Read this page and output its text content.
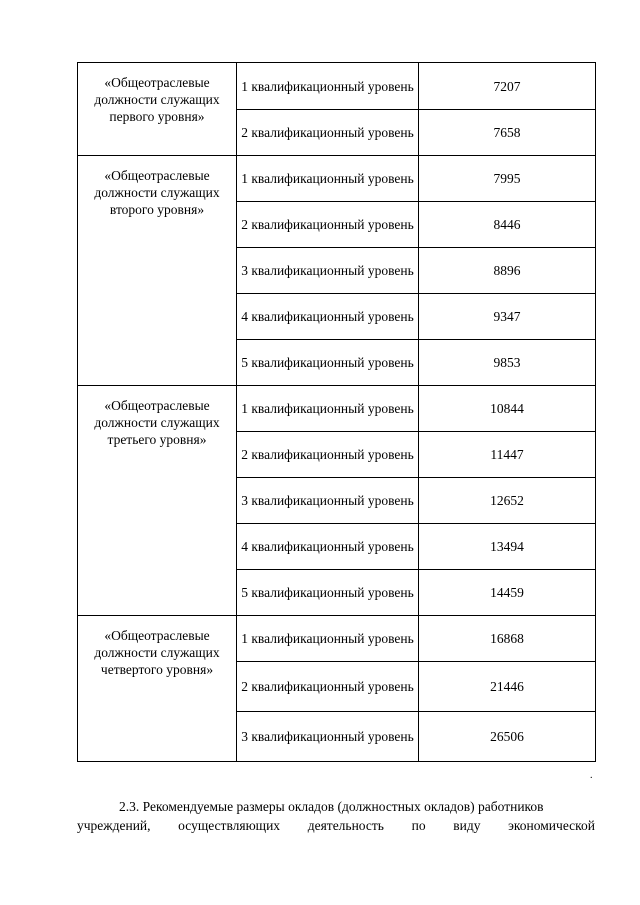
«Общеотраслевые должности служащих первого уровня»	1 квалификационный уровень	7207

	2 квалификационный уровень	7658

«Общеотраслевые должности служащих второго уровня»	1 квалификационный уровень	7995

	2 квалификационный уровень	8446

	3 квалификационный уровень	8896

	4 квалификационный уровень	9347

	5 квалификационный уровень	9853

«Общеотраслевые должности служащих третьего уровня»	1 квалификационный уровень	10844

	2 квалификационный уровень	11447

	3 квалификационный уровень	12652

	4 квалификационный уровень	13494

	5 квалификационный уровень	14459

«Общеотраслевые должности служащих четвертого уровня»	1 квалификационный уровень	16868

	2 квалификационный уровень	21446

	3 квалификационный уровень	26506
.
2.3. Рекомендуемые размеры окладов (должностных окладов) работников
учреждений, осуществляющих деятельность по виду экономической
